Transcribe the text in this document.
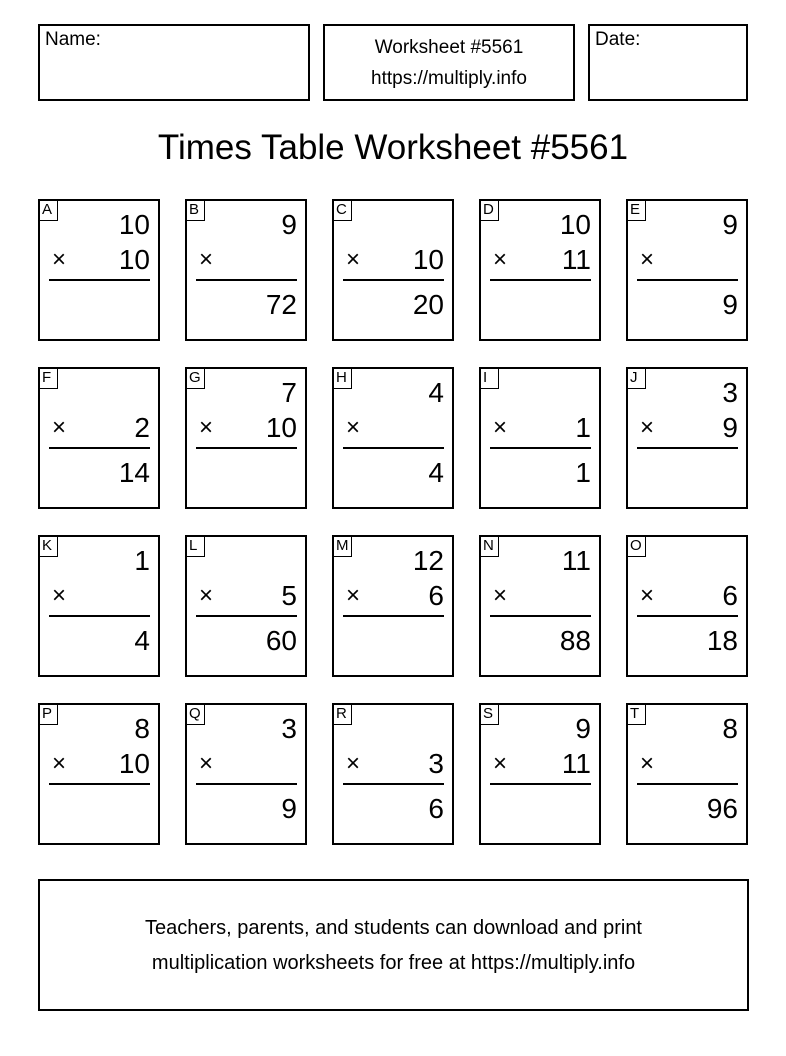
Name:	Worksheet #5561
https://multiply.info
Date:
Times Table Worksheet #5561
A 10
× 10
B	9
×
72
C
× 10
20
D 10
× 11
E	9
×
9
F
× 2
14
G	7
× 10
H	4
×
4
I
× 1
1
J	3
× 9
K	1
×
4
L
× 5
60
M 12
× 6
N 11
×
88
O
× 6
18
P	8
× 10
Q	3
×
9
R
× 3
6
S	9
× 11
T	8
×
96
Teachers, parents, and students can download and print
multiplication worksheets for free at https://multiply.info
